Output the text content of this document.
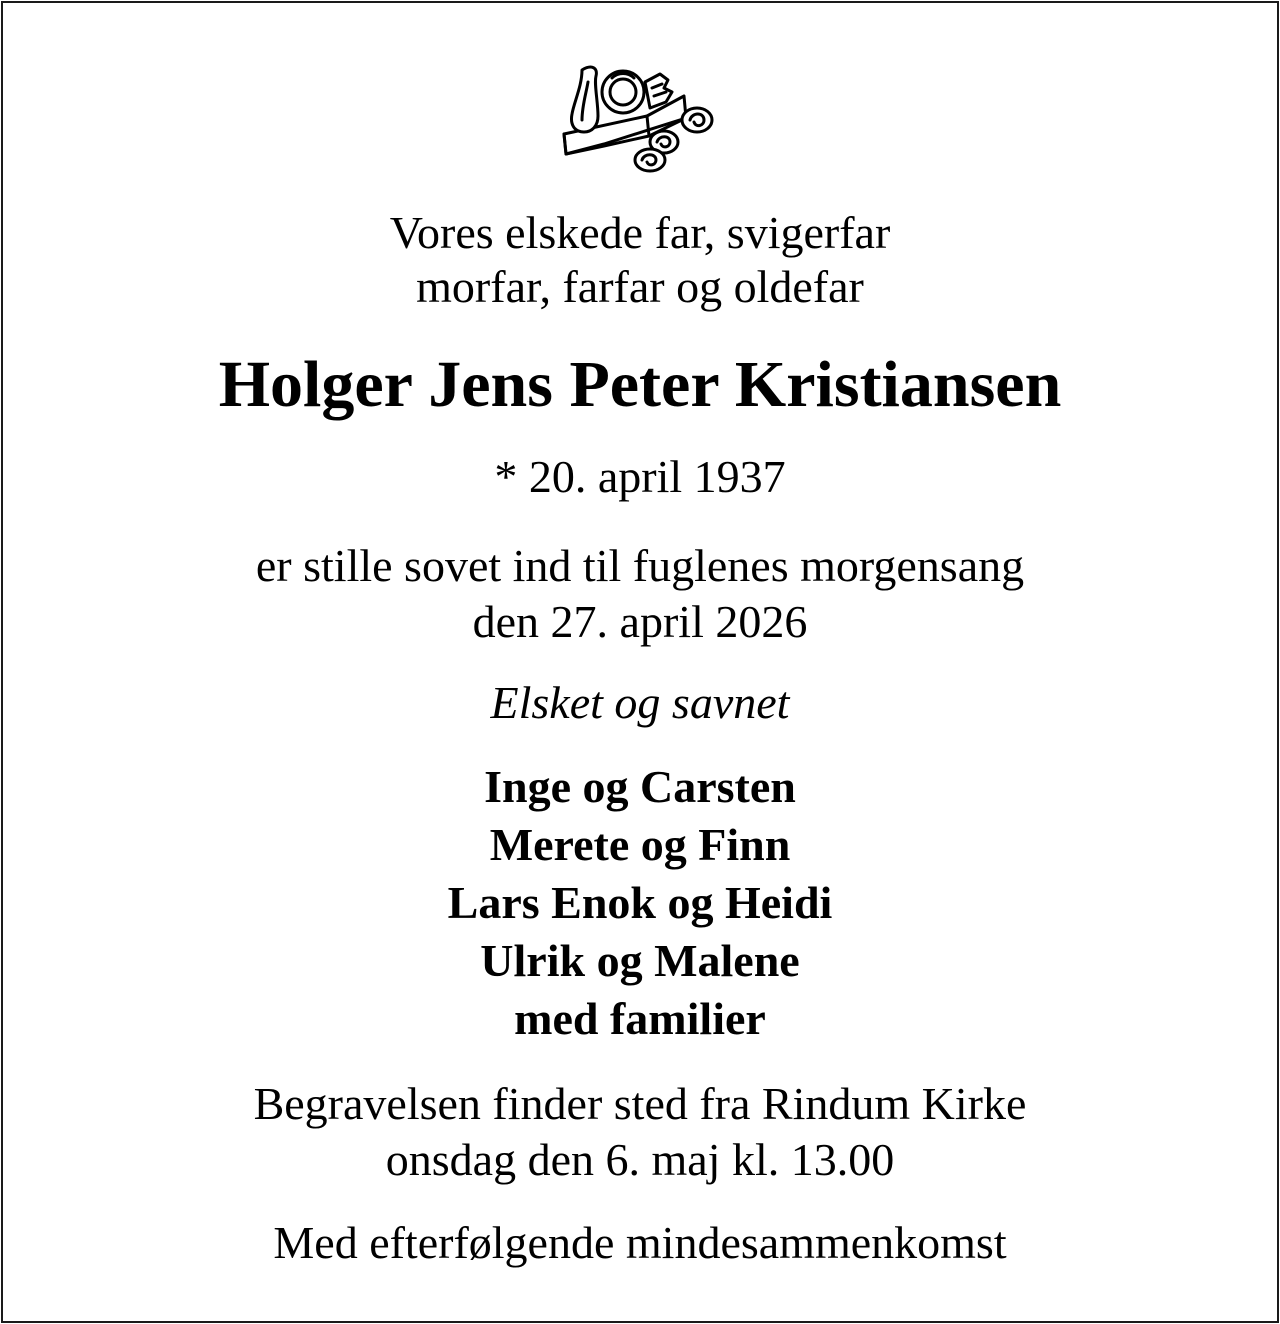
Vores elskede far, svigerfar
morfar, farfar og oldefar
Holger Jens Peter Kristiansen
* 20. april 1937
er stille sovet ind til fuglenes morgensang
den 27. april 2026
Elsket og savnet
Inge og Carsten
Merete og Finn
Lars Enok og Heidi
Ulrik og Malene
med familier
Begravelsen finder sted fra Rindum Kirke
onsdag den 6. maj kl. 13.00
Med efterfølgende mindesammenkomst
